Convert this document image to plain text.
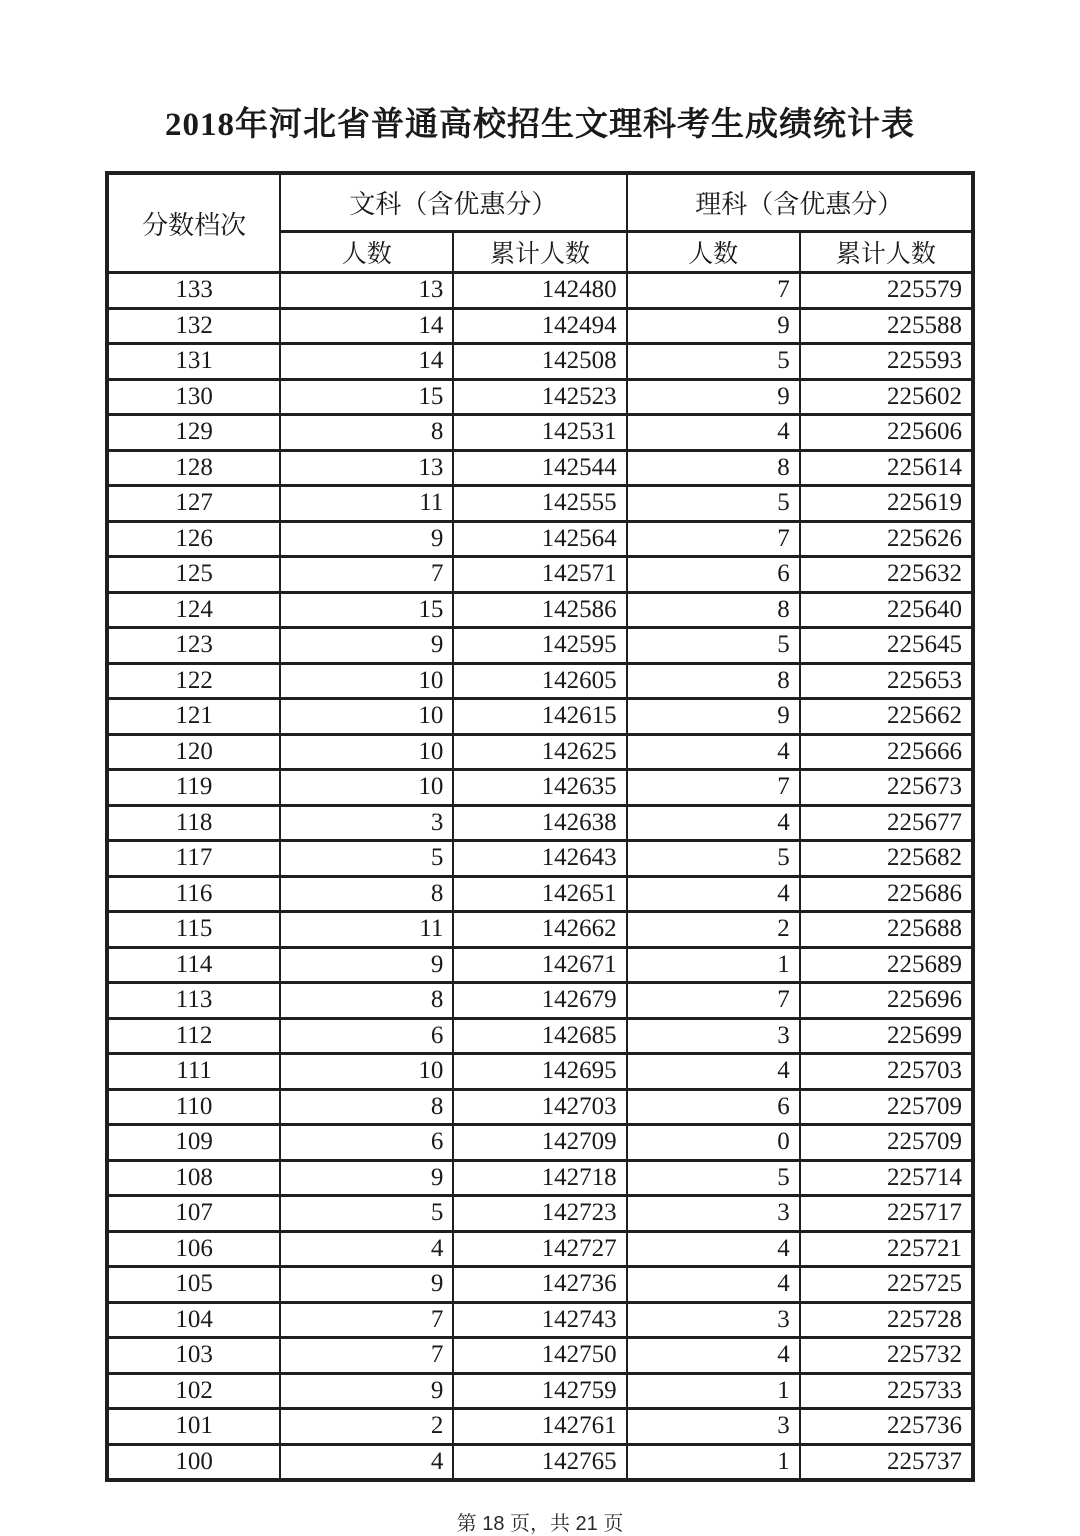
2018年河北省普通高校招生文理科考生成绩统计表
分数档次	文科（含优惠分）		理科（含优惠分）	
	人数	累计人数	人数	累计人数
133	13	142480	7	225579
132	14	142494	9	225588
131	14	142508	5	225593
130	15	142523	9	225602
129	8	142531	4	225606
128	13	142544	8	225614
127	11	142555	5	225619
126	9	142564	7	225626
125	7	142571	6	225632
124	15	142586	8	225640
123	9	142595	5	225645
122	10	142605	8	225653
121	10	142615	9	225662
120	10	142625	4	225666
119	10	142635	7	225673
118	3	142638	4	225677
117	5	142643	5	225682
116	8	142651	4	225686
115	11	142662	2	225688
114	9	142671	1	225689
113	8	142679	7	225696
112	6	142685	3	225699
111	10	142695	4	225703
110	8	142703	6	225709
109	6	142709	0	225709
108	9	142718	5	225714
107	5	142723	3	225717
106	4	142727	4	225721
105	9	142736	4	225725
104	7	142743	3	225728
103	7	142750	4	225732
102	9	142759	1	225733
101	2	142761	3	225736
100	4	142765	1	225737
第 18 页，共 21 页
